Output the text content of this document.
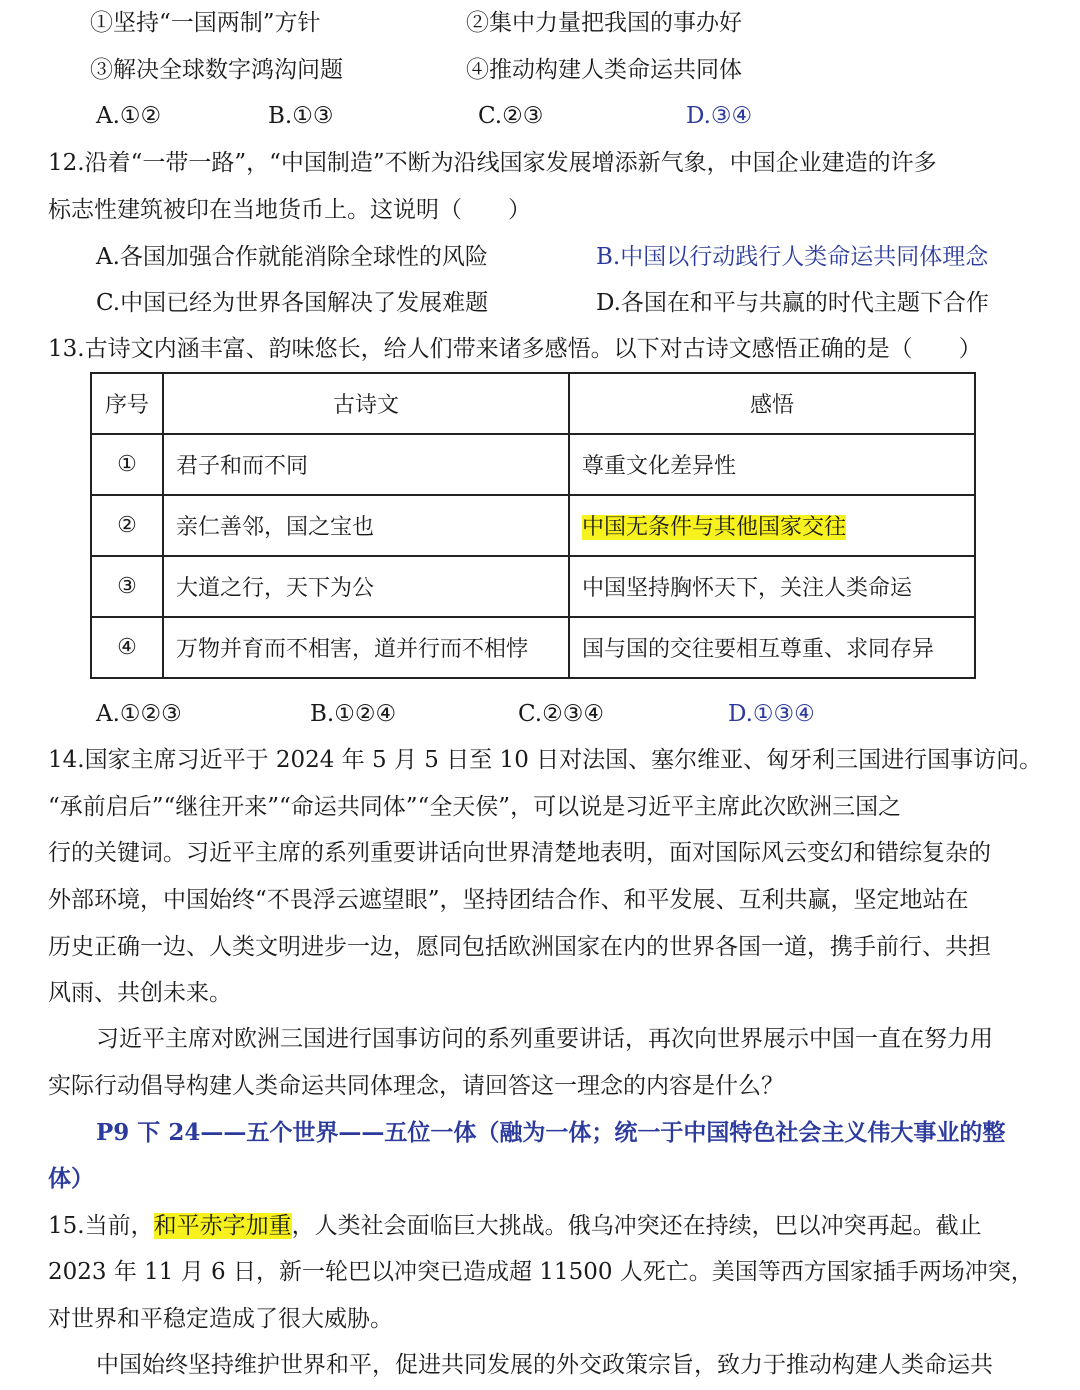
①坚持“一国两制”方针	②集中力量把我国的事办好
③解决全球数字鸿沟问题	④推动构建人类命运共同体
A.①②	B.①③	C.②③	D.③④
12.沿着“一带一路”，“中国制造”不断为沿线国家发展增添新气象，中国企业建造的许多
标志性建筑被印在当地货币上。这说明（　　）
A.各国加强合作就能消除全球性的风险	B.中国以行动践行人类命运共同体理念
C.中国已经为世界各国解决了发展难题	D.各国在和平与共赢的时代主题下合作
13.古诗文内涵丰富、韵味悠长，给人们带来诸多感悟。以下对古诗文感悟正确的是（　　）
序号	古诗文	感悟
①	君子和而不同	尊重文化差异性
②	亲仁善邻，国之宝也	中国无条件与其他国家交往
③	大道之行，天下为公	中国坚持胸怀天下，关注人类命运
④	万物并育而不相害，道并行而不相悖	国与国的交往要相互尊重、求同存异
A.①②③	B.①②④	C.②③④	D.①③④
14.国家主席习近平于 2024 年 5 月 5 日至 10 日对法国、塞尔维亚、匈牙利三国进行国事访问。
“承前启后”“继往开来”“命运共同体”“全天侯”，可以说是习近平主席此次欧洲三国之
行的关键词。习近平主席的系列重要讲话向世界清楚地表明，面对国际风云变幻和错综复杂的
外部环境，中国始终“不畏浮云遮望眼”，坚持团结合作、和平发展、互利共赢，坚定地站在
历史正确一边、人类文明进步一边，愿同包括欧洲国家在内的世界各国一道，携手前行、共担
风雨、共创未来。
习近平主席对欧洲三国进行国事访问的系列重要讲话，再次向世界展示中国一直在努力用
实际行动倡导构建人类命运共同体理念，请回答这一理念的内容是什么？
P9 下 24——五个世界——五位一体（融为一体；统一于中国特色社会主义伟大事业的整
体）
15.当前，和平赤字加重，人类社会面临巨大挑战。俄乌冲突还在持续，巴以冲突再起。截止
2023 年 11 月 6 日，新一轮巴以冲突已造成超 11500 人死亡。美国等西方国家插手两场冲突，
对世界和平稳定造成了很大威胁。
中国始终坚持维护世界和平，促进共同发展的外交政策宗旨，致力于推动构建人类命运共
